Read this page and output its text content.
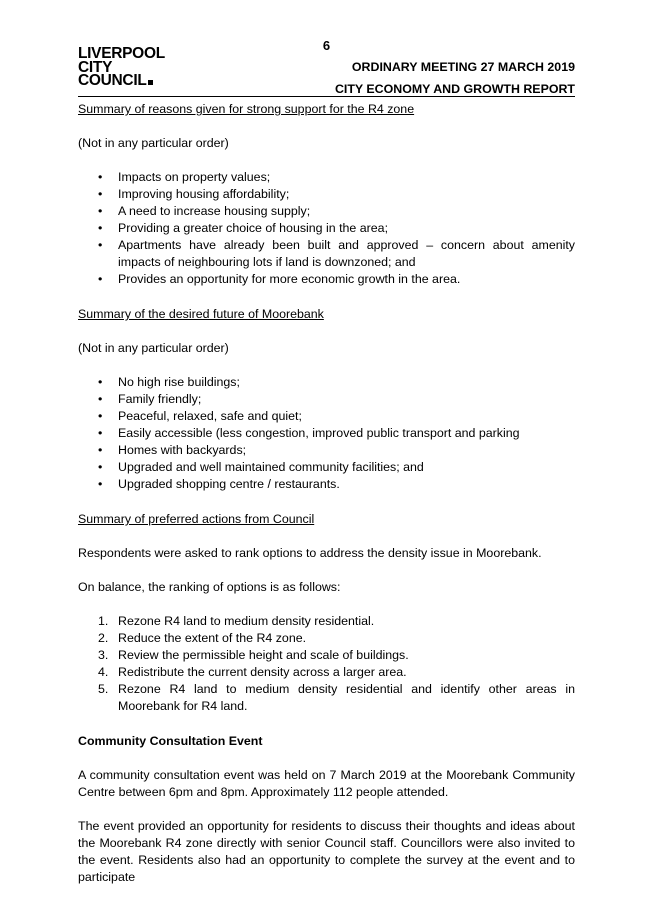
6
LIVERPOOL
CITY
COUNCIL
ORDINARY MEETING 27 MARCH 2019
CITY ECONOMY AND GROWTH REPORT

Summary of reasons given for strong support for the R4 zone

(Not in any particular order)

• Impacts on property values;
• Improving housing affordability;
• A need to increase housing supply;
• Providing a greater choice of housing in the area;
• Apartments have already been built and approved – concern about amenity impacts of neighbouring lots if land is downzoned; and
• Provides an opportunity for more economic growth in the area.

Summary of the desired future of Moorebank

(Not in any particular order)

• No high rise buildings;
• Family friendly;
• Peaceful, relaxed, safe and quiet;
• Easily accessible (less congestion, improved public transport and parking
• Homes with backyards;
• Upgraded and well maintained community facilities; and
• Upgraded shopping centre / restaurants.

Summary of preferred actions from Council

Respondents were asked to rank options to address the density issue in Moorebank.

On balance, the ranking of options is as follows:

1. Rezone R4 land to medium density residential.
2. Reduce the extent of the R4 zone.
3. Review the permissible height and scale of buildings.
4. Redistribute the current density across a larger area.
5. Rezone R4 land to medium density residential and identify other areas in Moorebank for R4 land.

Community Consultation Event

A community consultation event was held on 7 March 2019 at the Moorebank Community Centre between 6pm and 8pm. Approximately 112 people attended.

The event provided an opportunity for residents to discuss their thoughts and ideas about the Moorebank R4 zone directly with senior Council staff. Councillors were also invited to the event. Residents also had an opportunity to complete the survey at the event and to participate
